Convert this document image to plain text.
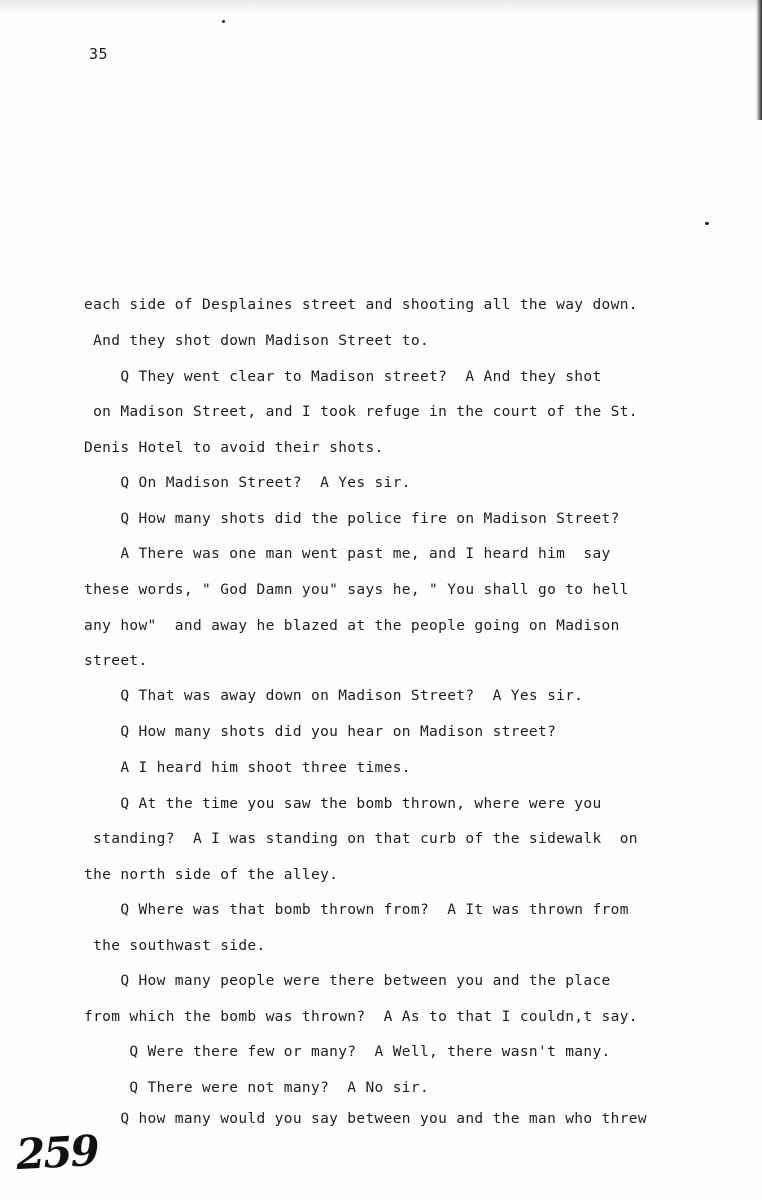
35
each side of Desplaines street and shooting all the way down.
And they shot down Madison Street to.
Q They went clear to Madison street?  A And they shot
on Madison Street, and I took refuge in the court of the St.
Denis Hotel to avoid their shots.
Q On Madison Street?  A Yes sir.
Q How many shots did the police fire on Madison Street?
A There was one man went past me, and I heard him  say
these words, " God Damn you" says he, " You shall go to hell
any how"  and away he blazed at the people going on Madison
street.
Q That was away down on Madison Street?  A Yes sir.
Q How many shots did you hear on Madison street?
A I heard him shoot three times.
Q At the time you saw the bomb thrown, where were you
standing?  A I was standing on that curb of the sidewalk  on
the north side of the alley.
Q Where was that bomb thrown from?  A It was thrown from
the southwast side.
Q How many people were there between you and the place
from which the bomb was thrown?  A As to that I couldn,t say.
Q Were there few or many?  A Well, there wasn't many.
Q There were not many?  A No sir.
Q how many would you say between you and the man who threw
259
